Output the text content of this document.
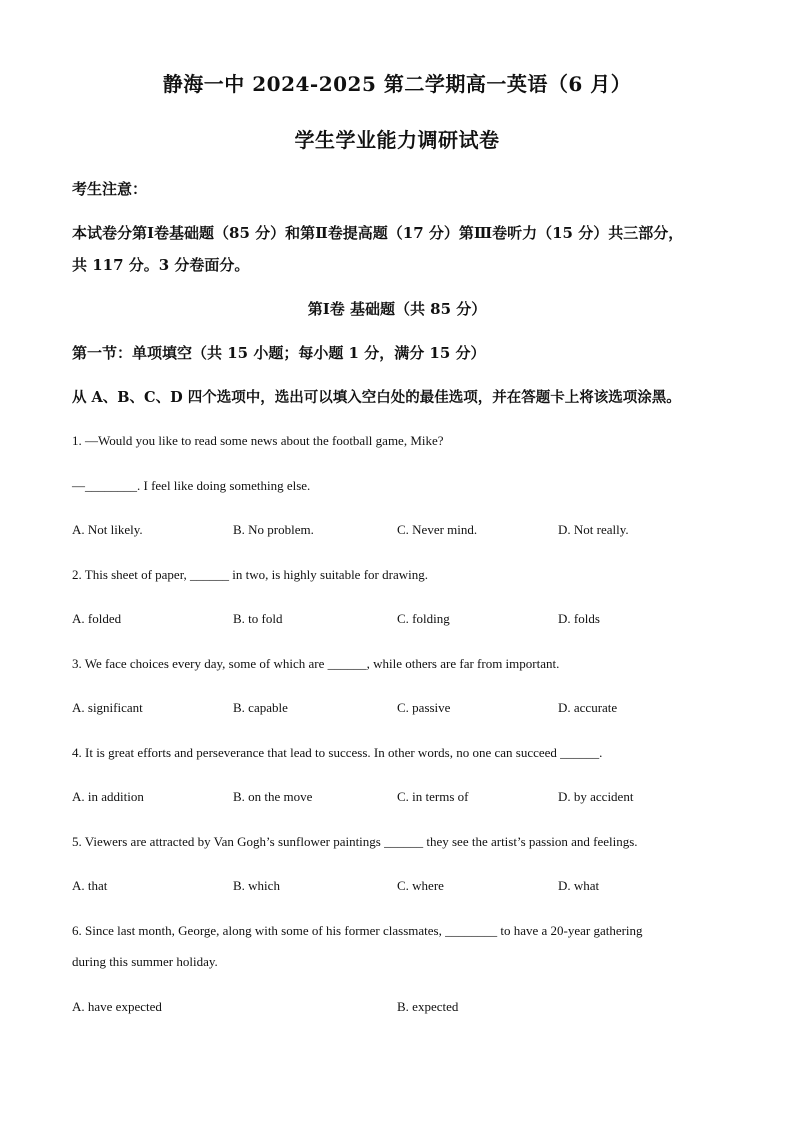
静海一中 2024-2025 第二学期高一英语（6 月）
学生学业能力调研试卷
考生注意：
本试卷分第Ⅰ卷基础题（85 分）和第Ⅱ卷提高题（17 分）第Ⅲ卷听力（15 分）共三部分，
共 117 分。3 分卷面分。
第Ⅰ卷 基础题（共 85 分）
第一节：单项填空（共 15 小题；每小题 1 分，满分 15 分）
从 A、B、C、D 四个选项中，选出可以填入空白处的最佳选项，并在答题卡上将该选项涂黑。
1. —Would you like to read some news about the football game, Mike?
—________. I feel like doing something else.
A. Not likely.	B. No problem.	C. Never mind.	D. Not really.
2. This sheet of paper, ______ in two, is highly suitable for drawing.
A. folded	B. to fold	C. folding	D. folds
3. We face choices every day, some of which are ______, while others are far from important.
A. significant	B. capable	C. passive	D. accurate
4. It is great efforts and perseverance that lead to success. In other words, no one can succeed ______.
A. in addition	B. on the move	C. in terms of	D. by accident
5. Viewers are attracted by Van Gogh’s sunflower paintings ______ they see the artist’s passion and feelings.
A. that	B. which	C. where	D. what
6. Since last month, George, along with some of his former classmates, ________ to have a 20-year gathering
during this summer holiday.
A. have expected	B. expected
